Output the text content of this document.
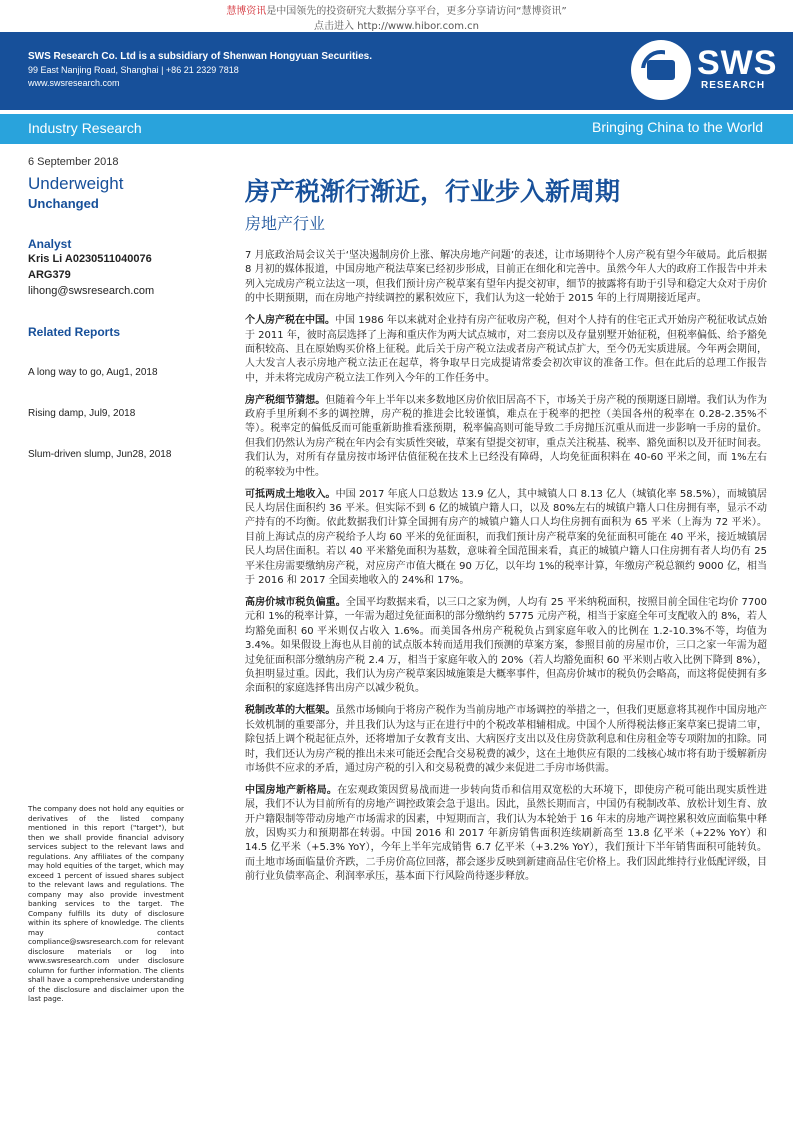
慧博资讯是中国领先的投资研究大数据分享平台，更多分享请访问“慧博资讯”
点击进入 http://www.hibor.com.cn
SWS Research Co. Ltd is a subsidiary of Shenwan Hongyuan Securities.
99 East Nanjing Road, Shanghai | +86 21 2329 7818
www.swsresearch.com
SWS
RESEARCH
Industry Research	Bringing China to the World
6 September 2018
Underweight
Unchanged
Analyst
Kris Li A0230511040076
ARG379
lihong@swsresearch.com
Related Reports
A long way to go, Aug1, 2018
Rising damp, Jul9, 2018
Slum-driven slump, Jun28, 2018
The company does not hold any equities or derivatives of the listed company mentioned in this report ("target"), but then we shall provide financial advisory services subject to the relevant laws and regulations. Any affiliates of the company may hold equities of the target, which may exceed 1 percent of issued shares subject to the relevant laws and regulations. The company may also provide investment banking services to the target. The Company fulfills its duty of disclosure within its sphere of knowledge. The clients may contact compliance@swsresearch.com for relevant disclosure materials or log into www.swsresearch.com under disclosure column for further information. The clients shall have a comprehensive understanding of the disclosure and disclaimer upon the last page.
房产税渐行渐近，行业步入新周期
房地产行业

7 月底政治局会议关于‘坚决遏制房价上涨、解决房地产问题’的表述，让市场期待个人房产税有望今年破局。此后根据 8 月初的媒体报道，中国房地产税法草案已经初步形成，目前正在细化和完善中。虽然今年人大的政府工作报告中并未列入完成房产税立法这一项，但我们预计房产税草案有望年内提交初审，细节的披露将有助于引导和稳定大众对于房价的中长期预期，而在房地产持续调控的累积效应下，我们认为这一轮始于 2015 年的上行周期接近尾声。

个人房产税在中国。中国 1986 年以来就对企业持有房产征收房产税，但对个人持有的住宅正式开始房产税征收试点始于 2011 年，彼时高层选择了上海和重庆作为两大试点城市，对二套房以及存量别墅开始征税，但税率偏低、给予豁免面积较高、且在原始购买价格上征税。此后关于房产税立法或者房产税试点扩大，至今仍无实质进展。今年两会期间，人大发言人表示房地产税立法正在起草，将争取早日完成提请常委会初次审议的准备工作。但在此后的总理工作报告中，并未将完成房产税立法工作列入今年的工作任务中。

房产税细节猜想。但随着今年上半年以来多数地区房价依旧居高不下，市场关于房产税的预期逐日剧增。我们认为作为政府手里所剩不多的调控牌，房产税的推进会比较谨慎，难点在于税率的把控（美国各州的税率在 0.28-2.35%不等）。税率定的偏低反而可能重新助推看涨预期，税率偏高则可能导致二手房抛压沉重从而进一步影响一手房的量价。但我们仍然认为房产税在年内会有实质性突破，草案有望提交初审，重点关注税基、税率、豁免面积以及开征时间表。我们认为，对所有存量房按市场评估值征税在技术上已经没有障碍，人均免征面积料在 40-60 平米之间，而 1%左右的税率较为中性。

可抵两成土地收入。中国 2017 年底人口总数达 13.9 亿人，其中城镇人口 8.13 亿人（城镇化率 58.5%），而城镇居民人均居住面积约 36 平米。但实际不到 6 亿的城镇户籍人口，以及 80%左右的城镇户籍人口住房拥有率，显示不动产持有的不均衡。依此数据我们计算全国拥有房产的城镇户籍人口人均住房拥有面积为 65 平米（上海为 72 平米）。目前上海试点的房产税给予人均 60 平米的免征面积，而我们预计房产税草案的免征面积可能在 40 平米，接近城镇居民人均居住面积。若以 40 平米豁免面积为基数，意味着全国范围来看，真正的城镇户籍人口住房拥有者人均仍有 25 平米住房需要缴纳房产税，对应房产市值大概在 90 万亿，以年均 1%的税率计算，年缴房产税总额约 9000 亿，相当于 2016 和 2017 全国卖地收入的 24%和 17%。

高房价城市税负偏重。全国平均数据来看，以三口之家为例，人均有 25 平米纳税面积，按照目前全国住宅均价 7700 元和 1%的税率计算，一年需为超过免征面积的部分缴纳约 5775 元房产税，相当于家庭全年可支配收入的 8%，若人均豁免面积 60 平米则仅占收入 1.6%。而美国各州房产税税负占到家庭年收入的比例在 1.2-10.3%不等，均值为 3.4%。如果假设上海也从目前的试点版本转而适用我们预测的草案方案，参照目前的房屋市价，三口之家一年需为超过免征面积部分缴纳房产税 2.4 万，相当于家庭年收入的 20%（若人均豁免面积 60 平米则占收入比例下降到 8%），负担明显过重。因此，我们认为房产税草案因城施策是大概率事件，但高房价城市的税负仍会略高，而这将促使拥有多余面积的家庭选择售出房产以减少税负。

税制改革的大框架。虽然市场倾向于将房产税作为当前房地产市场调控的举措之一，但我们更愿意将其视作中国房地产长效机制的重要部分，并且我们认为这与正在进行中的个税改革相辅相成。中国个人所得税法修正案草案已提请二审，除包括上调个税起征点外，还将增加子女教育支出、大病医疗支出以及住房贷款利息和住房租金等专项附加的扣除。同时，我们还认为房产税的推出未来可能还会配合交易税费的减少，这在土地供应有限的二线核心城市将有助于缓解新房市场供不应求的矛盾，通过房产税的引入和交易税费的减少来促进二手房市场供需。

中国房地产新格局。在宏观政策因贸易战而进一步转向货币和信用双宽松的大环境下，即使房产税可能出现实质性进展，我们不认为目前所有的房地产调控政策会急于退出。因此，虽然长期而言，中国仍有税制改革、放松计划生育、放开户籍限制等带动房地产市场需求的因素，中短期而言，我们认为本轮始于 16 年末的房地产调控累积效应面临集中释放，因购买力和预期都在转弱。中国 2016 和 2017 年新房销售面积连续刷新高至 13.8 亿平米（+22% YoY）和 14.5 亿平米（+5.3% YoY），今年上半年完成销售 6.7 亿平米（+3.2% YoY），我们预计下半年销售面积可能转负。而土地市场面临量价齐跌，二手房价高位回落，都会逐步反映到新建商品住宅价格上。我们因此维持行业低配评级，目前行业负债率高企、利润率承压，基本面下行风险尚待逐步释放。
